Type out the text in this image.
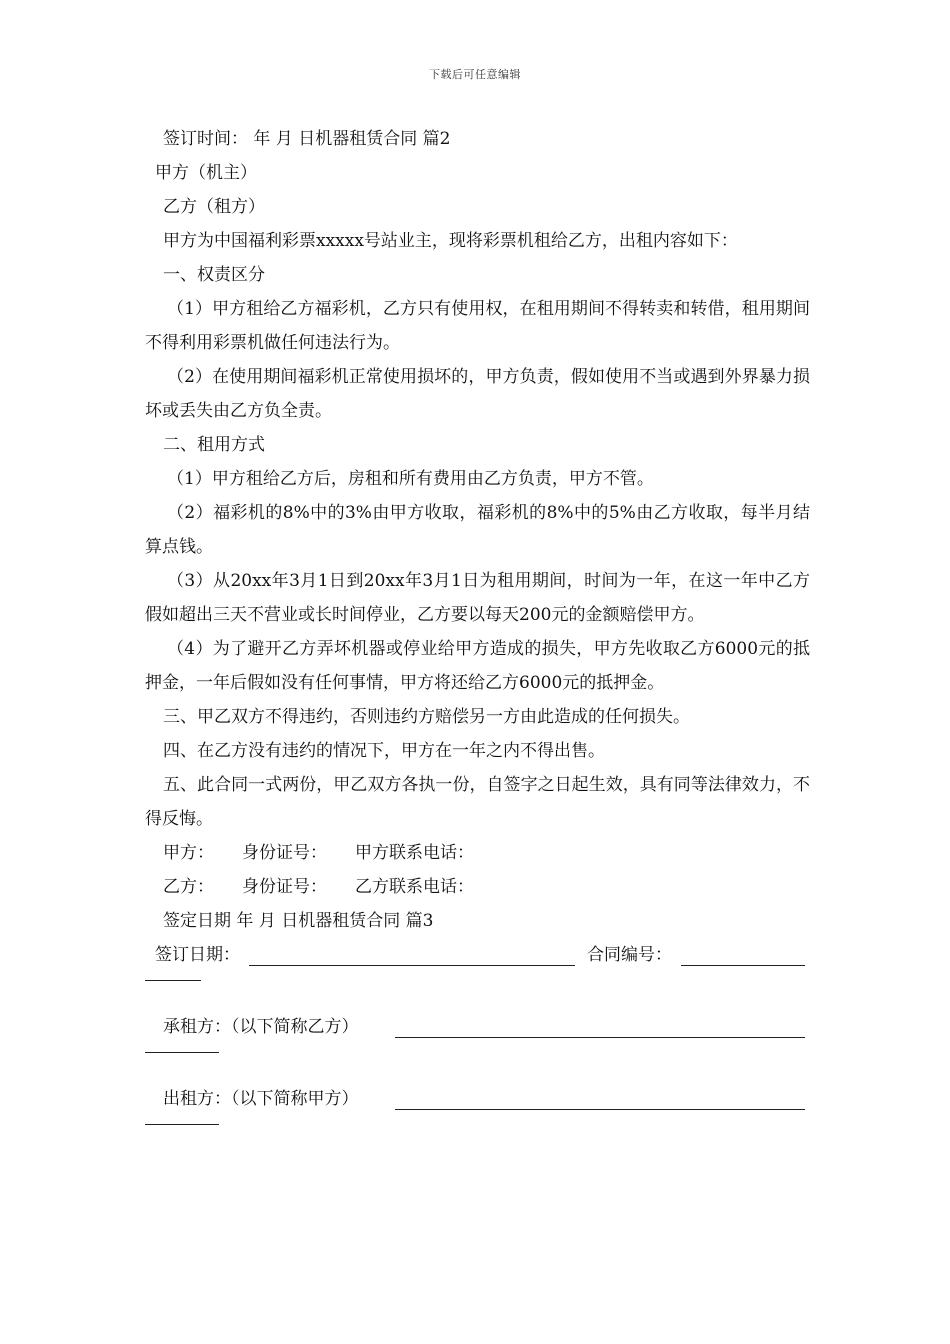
下载后可任意编辑

签订时间： 年 月 日机器租赁合同 篇2

甲方（机主）

乙方（租方）

甲方为中国福利彩票xxxxx号站业主，现将彩票机租给乙方，出租内容如下：

一、权责区分

（1）甲方租给乙方福彩机，乙方只有使用权，在租用期间不得转卖和转借，租用期间不得利用彩票机做任何违法行为。

（2）在使用期间福彩机正常使用损坏的，甲方负责，假如使用不当或遇到外界暴力损坏或丢失由乙方负全责。

二、租用方式

（1）甲方租给乙方后，房租和所有费用由乙方负责，甲方不管。

（2）福彩机的8%中的3%由甲方收取，福彩机的8%中的5%由乙方收取，每半月结算点钱。

（3）从20xx年3月1日到20xx年3月1日为租用期间，时间为一年，在这一年中乙方假如超出三天不营业或长时间停业，乙方要以每天200元的金额赔偿甲方。

（4）为了避开乙方弄坏机器或停业给甲方造成的损失，甲方先收取乙方6000元的抵押金，一年后假如没有任何事情，甲方将还给乙方6000元的抵押金。

三、甲乙双方不得违约，否则违约方赔偿另一方由此造成的任何损失。

四、在乙方没有违约的情况下，甲方在一年之内不得出售。

五、此合同一式两份，甲乙双方各执一份，自签字之日起生效，具有同等法律效力，不得反悔。

甲方： 身份证号： 甲方联系电话：

乙方： 身份证号： 乙方联系电话：

签定日期 年 月 日机器租赁合同 篇3

签订日期：	合同编号：
承租方：（以下简称乙方）
出租方：（以下简称甲方）
